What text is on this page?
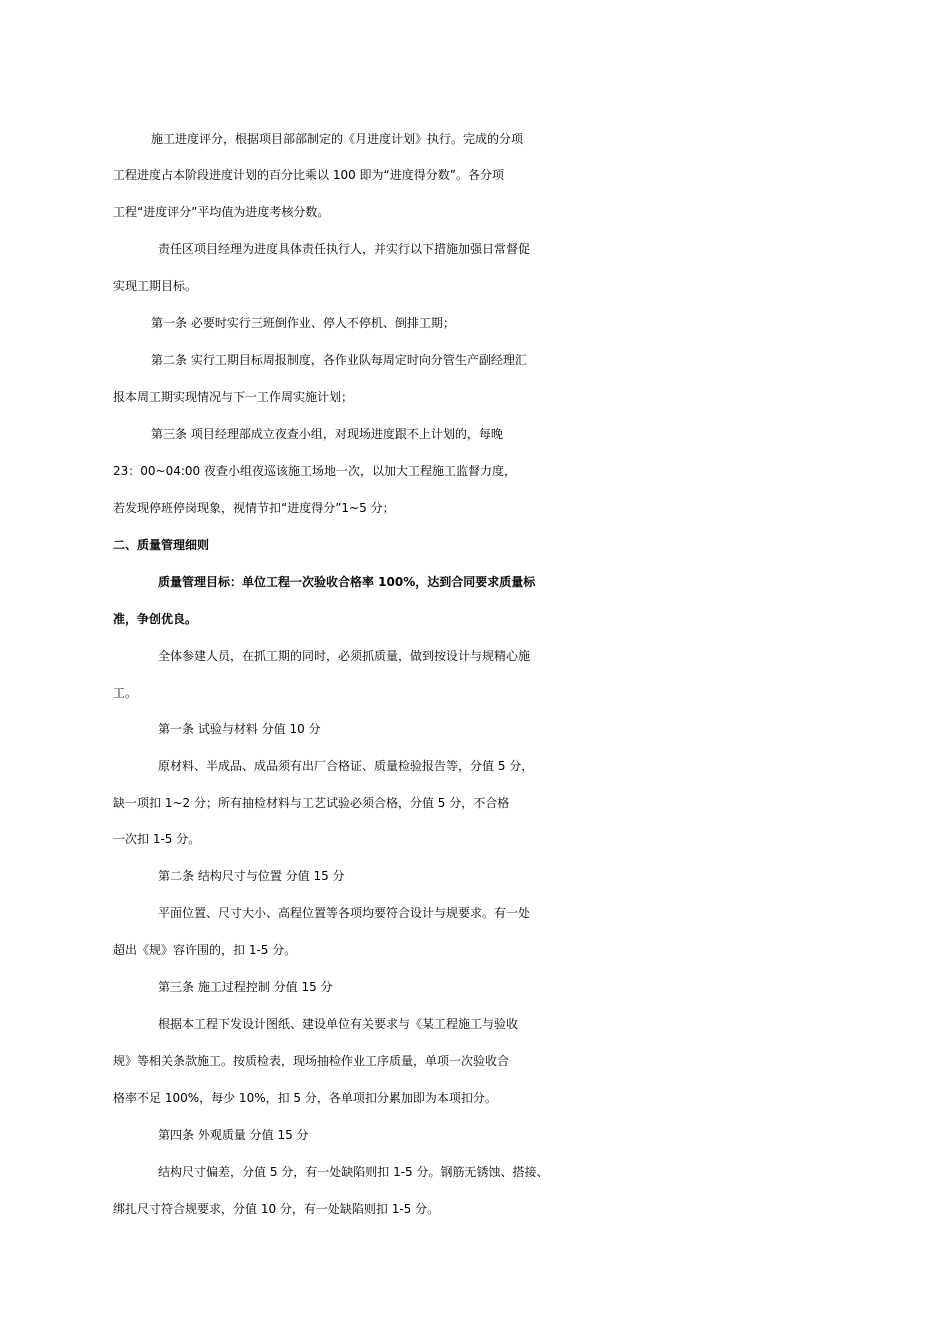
施工进度评分，根据项目部部制定的《月进度计划》执行。完成的分项
工程进度占本阶段进度计划的百分比乘以 100 即为“进度得分数”。各分项
工程“进度评分”平均值为进度考核分数。
责任区项目经理为进度具体责任执行人，并实行以下措施加强日常督促
实现工期目标。
第一条 必要时实行三班倒作业、停人不停机、倒排工期；
第二条 实行工期目标周报制度，各作业队每周定时向分管生产副经理汇
报本周工期实现情况与下一工作周实施计划；
第三条 项目经理部成立夜查小组，对现场进度跟不上计划的，每晚
23：00~04:00 夜查小组夜巡该施工场地一次，以加大工程施工监督力度，
若发现停班停岗现象，视情节扣“进度得分”1~5 分；
二、质量管理细则
质量管理目标：单位工程一次验收合格率 100%，达到合同要求质量标
准，争创优良。
全体参建人员，在抓工期的同时，必须抓质量，做到按设计与规精心施
工。
第一条 试验与材料 分值 10 分
原材料、半成品、成品须有出厂合格证、质量检验报告等，分值 5 分，
缺一项扣 1~2 分；所有抽检材料与工艺试验必须合格，分值 5 分，不合格
一次扣 1-5 分。
第二条 结构尺寸与位置 分值 15 分
平面位置、尺寸大小、高程位置等各项均要符合设计与规要求。有一处
超出《规》容许围的，扣 1-5 分。
第三条 施工过程控制 分值 15 分
根据本工程下发设计图纸、建设单位有关要求与《某工程施工与验收
规》等相关条款施工。按质检表，现场抽检作业工序质量，单项一次验收合
格率不足 100%，每少 10%，扣 5 分，各单项扣分累加即为本项扣分。
第四条 外观质量 分值 15 分
结构尺寸偏差，分值 5 分，有一处缺陷则扣 1-5 分。钢筋无锈蚀、搭接、
绑扎尺寸符合规要求，分值 10 分，有一处缺陷则扣 1-5 分。
